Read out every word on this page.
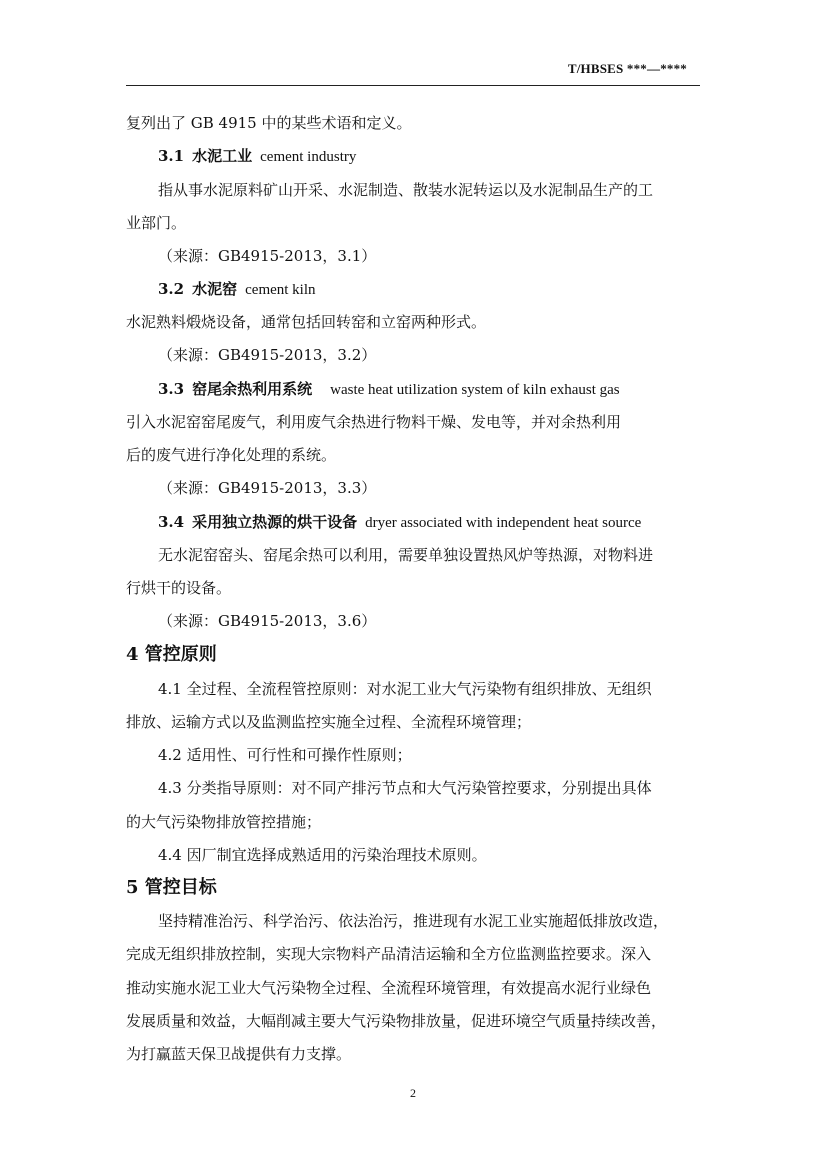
T/HBSES ***—****
复列出了 GB 4915 中的某些术语和定义。
3.1 水泥工业 cement industry
指从事水泥原料矿山开采、水泥制造、散装水泥转运以及水泥制品生产的工
业部门。
（来源：GB4915-2013，3.1）
3.2 水泥窑 cement kiln
水泥熟料煅烧设备，通常包括回转窑和立窑两种形式。
（来源：GB4915-2013，3.2）
3.3 窑尾余热利用系统 waste heat utilization system of kiln exhaust gas
引入水泥窑窑尾废气，利用废气余热进行物料干燥、发电等，并对余热利用
后的废气进行净化处理的系统。
（来源：GB4915-2013，3.3）
3.4 采用独立热源的烘干设备 dryer associated with independent heat source
无水泥窑窑头、窑尾余热可以利用，需要单独设置热风炉等热源，对物料进
行烘干的设备。
（来源：GB4915-2013，3.6）
4 管控原则
4.1 全过程、全流程管控原则：对水泥工业大气污染物有组织排放、无组织
排放、运输方式以及监测监控实施全过程、全流程环境管理；
4.2 适用性、可行性和可操作性原则；
4.3 分类指导原则：对不同产排污节点和大气污染管控要求，分别提出具体
的大气污染物排放管控措施；
4.4 因厂制宜选择成熟适用的污染治理技术原则。
5 管控目标
坚持精准治污、科学治污、依法治污，推进现有水泥工业实施超低排放改造，
完成无组织排放控制，实现大宗物料产品清洁运输和全方位监测监控要求。深入
推动实施水泥工业大气污染物全过程、全流程环境管理，有效提高水泥行业绿色
发展质量和效益，大幅削减主要大气污染物排放量，促进环境空气质量持续改善，
为打赢蓝天保卫战提供有力支撑。
2
